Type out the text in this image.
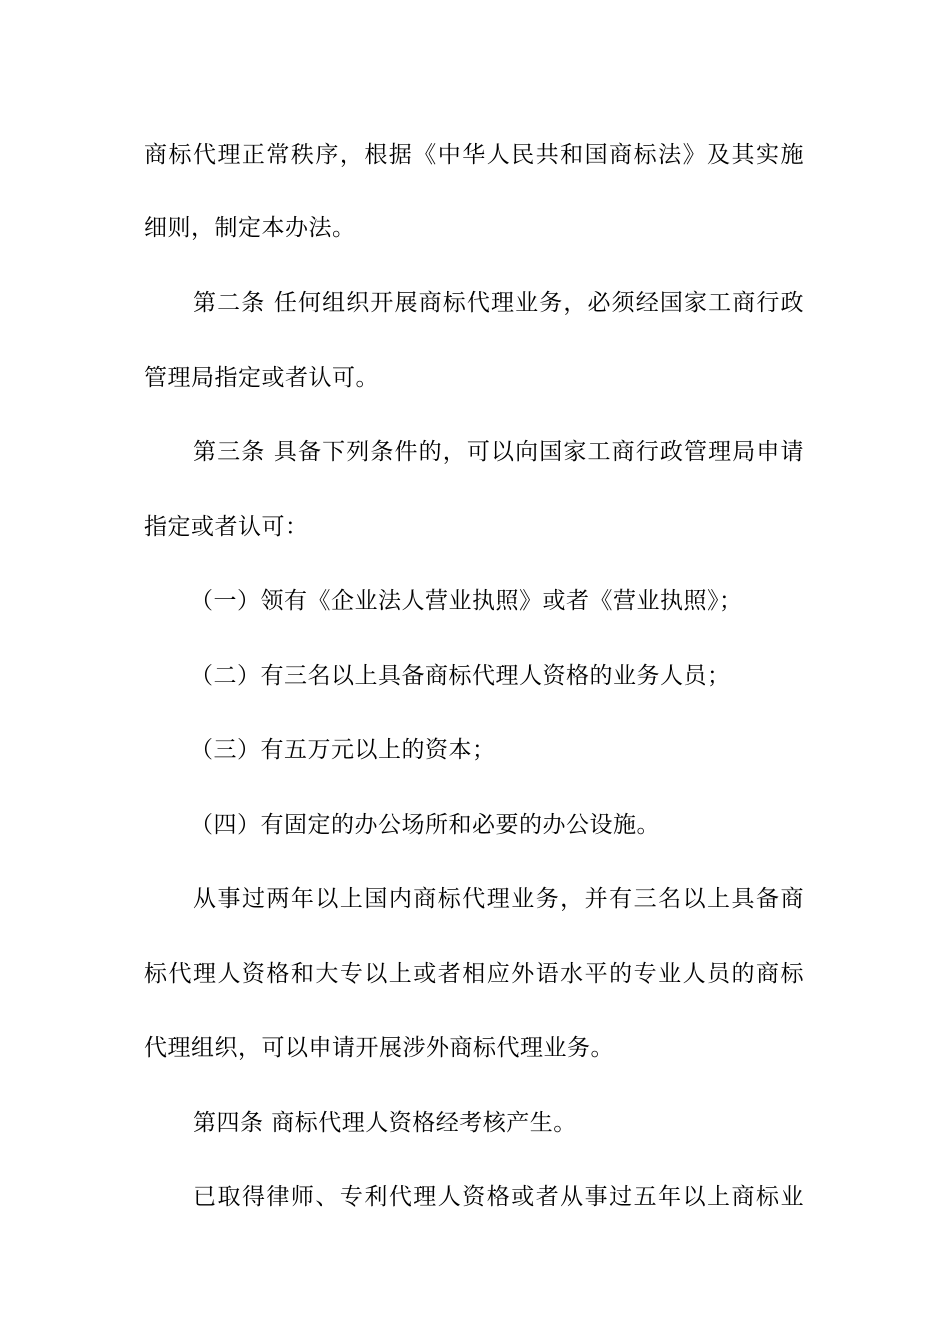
商标代理正常秩序，根据《中华人民共和国商标法》及其实施
细则，制定本办法。
第二条 任何组织开展商标代理业务，必须经国家工商行政
管理局指定或者认可。
第三条 具备下列条件的，可以向国家工商行政管理局申请
指定或者认可：
（一）领有《企业法人营业执照》或者《营业执照》；
（二）有三名以上具备商标代理人资格的业务人员；
（三）有五万元以上的资本；
（四）有固定的办公场所和必要的办公设施。
从事过两年以上国内商标代理业务，并有三名以上具备商
标代理人资格和大专以上或者相应外语水平的专业人员的商标
代理组织，可以申请开展涉外商标代理业务。
第四条 商标代理人资格经考核产生。
已取得律师、专利代理人资格或者从事过五年以上商标业
